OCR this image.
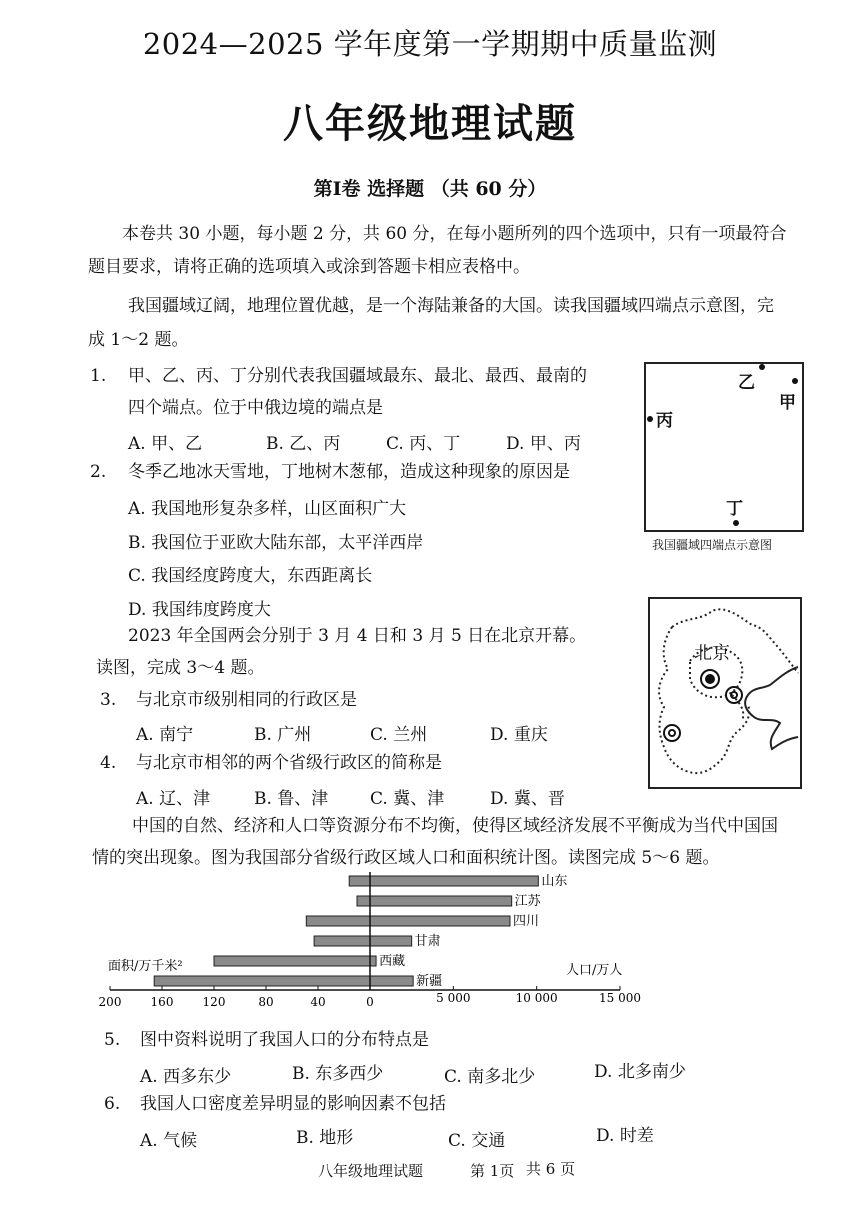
2024—2025 学年度第一学期期中质量监测
八年级地理试题
第Ⅰ卷 选择题 （共 60 分）
本卷共 30 小题，每小题 2 分，共 60 分，在每小题所列的四个选项中，只有一项最符合
题目要求，请将正确的选项填入或涂到答题卡相应表格中。
我国疆域辽阔，地理位置优越，是一个海陆兼备的大国。读我国疆域四端点示意图，完
成 1～2 题。
1. 甲、乙、丙、丁分别代表我国疆域最东、最北、最西、最南的
四个端点。位于中俄边境的端点是
A. 甲、乙	B. 乙、丙	C. 丙、丁	D. 甲、丙
2. 冬季乙地冰天雪地，丁地树木葱郁，造成这种现象的原因是
A. 我国地形复杂多样，山区面积广大
B. 我国位于亚欧大陆东部，太平洋西岸
C. 我国经度跨度大，东西距离长
D. 我国纬度跨度大
乙
甲
丙
丁
我国疆域四端点示意图
2023 年全国两会分别于 3 月 4 日和 3 月 5 日在北京开幕。
读图，完成 3～4 题。
北京
3. 与北京市级别相同的行政区是
A. 南宁	B. 广州	C. 兰州	D. 重庆
4. 与北京市相邻的两个省级行政区的简称是
A. 辽、津	B. 鲁、津 C. 冀、津	D. 冀、晋
中国的自然、经济和人口等资源分布不均衡，使得区域经济发展不平衡成为当代中国国
情的突出现象。图为我国部分省级行政区域人口和面积统计图。读图完成 5～6 题。
山东
江苏
四川
甘肃
西藏
新疆
面积/万千米²	人口/万人
200 160 120	80	40	0	5 000	10 000	15 000
5. 图中资料说明了我国人口的分布特点是
A. 西多东少	B. 东多西少	C. 南多北少	D. 北多南少
6. 我国人口密度差异明显的影响因素不包括
A. 气候	B. 地形	C. 交通	D. 时差
八年级地理试题	第 1页 共 6 页
